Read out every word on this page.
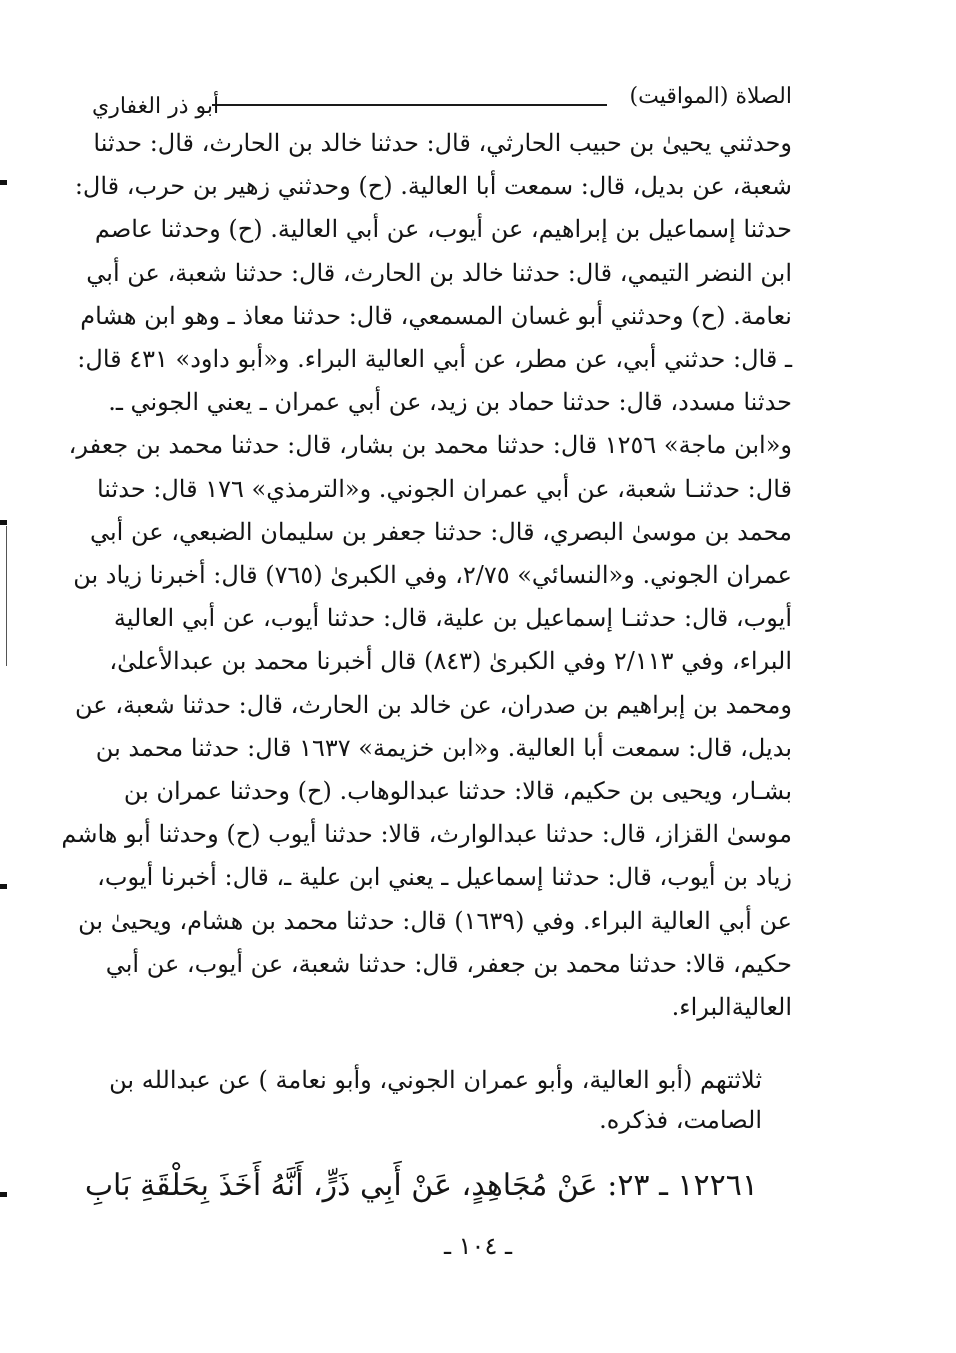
الصلاة (المواقيت)
أبو ذر الغفاري
وحدثني يحيىٰ بن حبيب الحارثي، قال: حدثنا خالد بن الحارث، قال: حدثنا
شعبة، عن بديل، قال: سمعت أبا العالية. (ح) وحدثني زهير بن حرب، قال:
حدثنا إسماعيل بن إبراهيم، عن أيوب، عن أبي العالية. (ح) وحدثنا عاصم
ابن النضر التيمي، قال: حدثنا خالد بن الحارث، قال: حدثنا شعبة، عن أبي
نعامة. (ح) وحدثني أبو غسان المسمعي، قال: حدثنا معاذ ـ وهو ابن هشام
ـ قال: حدثني أبي، عن مطر، عن أبي العالية البراء. و«أبو داود» ٤٣١ قال:
حدثنا مسدد، قال: حدثنا حماد بن زيد، عن أبي عمران ـ يعني الجوني ـ.
و«ابن ماجة» ١٢٥٦ قال: حدثنا محمد بن بشار، قال: حدثنا محمد بن جعفر،
قال: حدثنـا شعبة، عن أبي عمران الجوني. و«الترمذي» ١٧٦ قال: حدثنا
محمد بن موسىٰ البصري، قال: حدثنا جعفر بن سليمان الضبعي، عن أبي
عمران الجوني. و«النسائي» ٢/٧٥، وفي الكبرىٰ (٧٦٥) قال: أخبرنا زياد بن
أيوب، قال: حدثنـا إسماعيل بن علية، قال: حدثنا أيوب، عن أبي العالية
البراء، وفي ٢/١١٣ وفي الكبرىٰ (٨٤٣) قال أخبرنا محمد بن عبدالأعلىٰ،
ومحمد بن إبراهيم بن صدران، عن خالد بن الحارث، قال: حدثنا شعبة، عن
بديل، قال: سمعت أبا العالية. و«ابن خزيمة» ١٦٣٧ قال: حدثنا محمد بن
بشـار، ويحيى بن حكيم، قالا: حدثنا عبدالوهاب. (ح) وحدثنا عمران بن
موسىٰ القزاز، قال: حدثنا عبدالوارث، قالا: حدثنا أيوب (ح) وحدثنا أبو هاشم
زياد بن أيوب، قال: حدثنا إسماعيل ـ يعني ابن علية ـ، قال: أخبرنا أيوب،
عن أبي العالية البراء. وفي (١٦٣٩) قال: حدثنا محمد بن هشام، ويحيىٰ بن
حكيم، قالا: حدثنا محمد بن جعفر، قال: حدثنا شعبة، عن أيوب، عن أبي
العاليةالبراء.
ثلاثتهم (أبو العالية، وأبو عمران الجوني، وأبو نعامة ) عن عبدالله بن
الصامت، فذكره.
١٢٢٦١ ـ ٢٣: عَنْ مُجَاهِدٍ، عَنْ أَبِي ذَرٍّ، أَنَّهُ أَخَذَ بِحَلْقَةِ بَابِ
ـ ١٠٤ ـ
